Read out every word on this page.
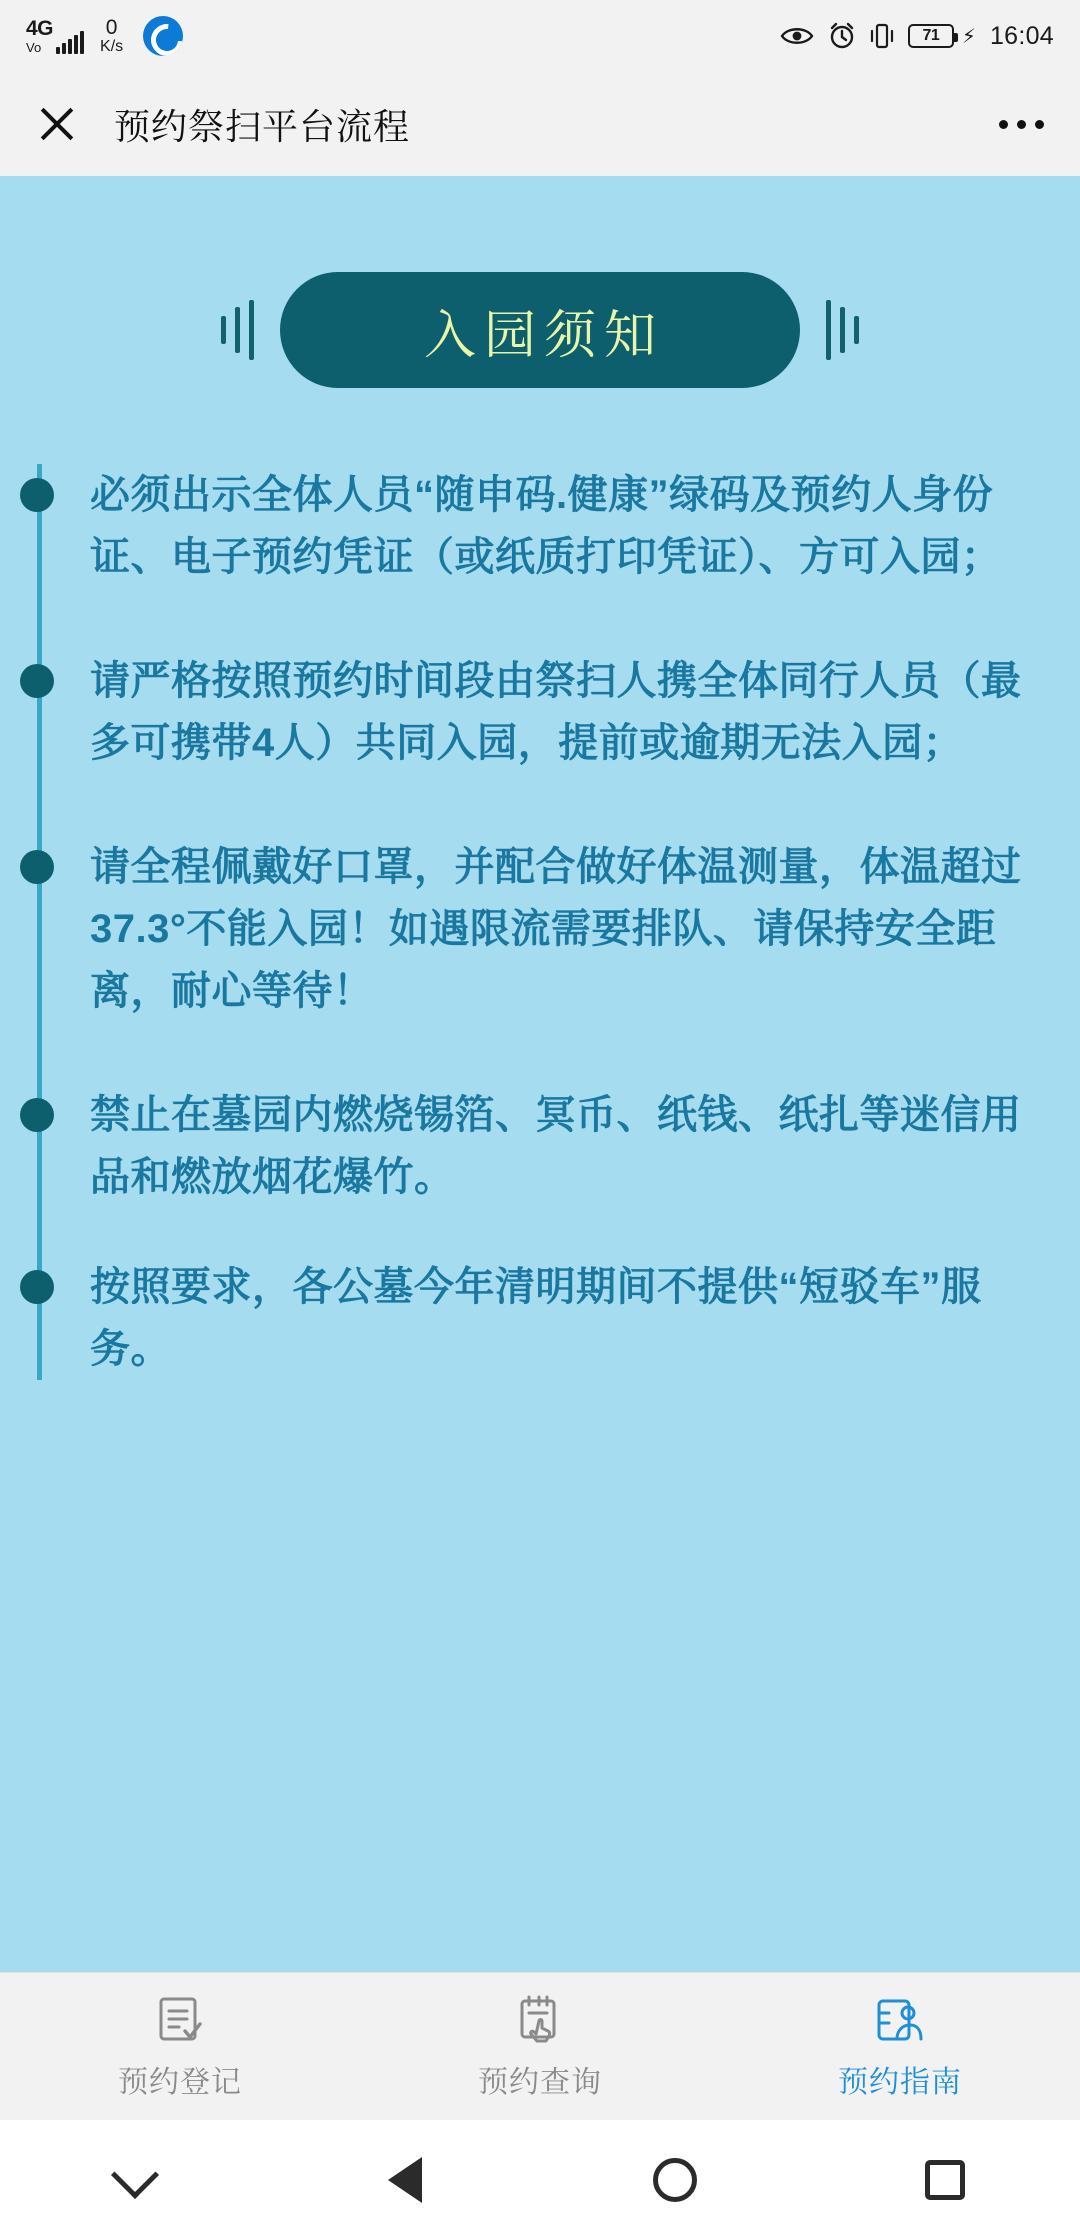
4G
Vo
0
K/s
71 ⚡ 16:04
预约祭扫平台流程
入园须知
必须出示全体人员“随申码.健康”绿码及预约人身份证、电子预约凭证（或纸质打印凭证）、方可入园；
请严格按照预约时间段由祭扫人携全体同行人员（最多可携带4人）共同入园，提前或逾期无法入园；
请全程佩戴好口罩，并配合做好体温测量，体温超过37.3°不能入园！如遇限流需要排队、请保持安全距离，耐心等待！
禁止在墓园内燃烧锡箔、冥币、纸钱、纸扎等迷信用品和燃放烟花爆竹。
按照要求，各公墓今年清明期间不提供“短驳车”服务。
预约登记	预约查询	预约指南
